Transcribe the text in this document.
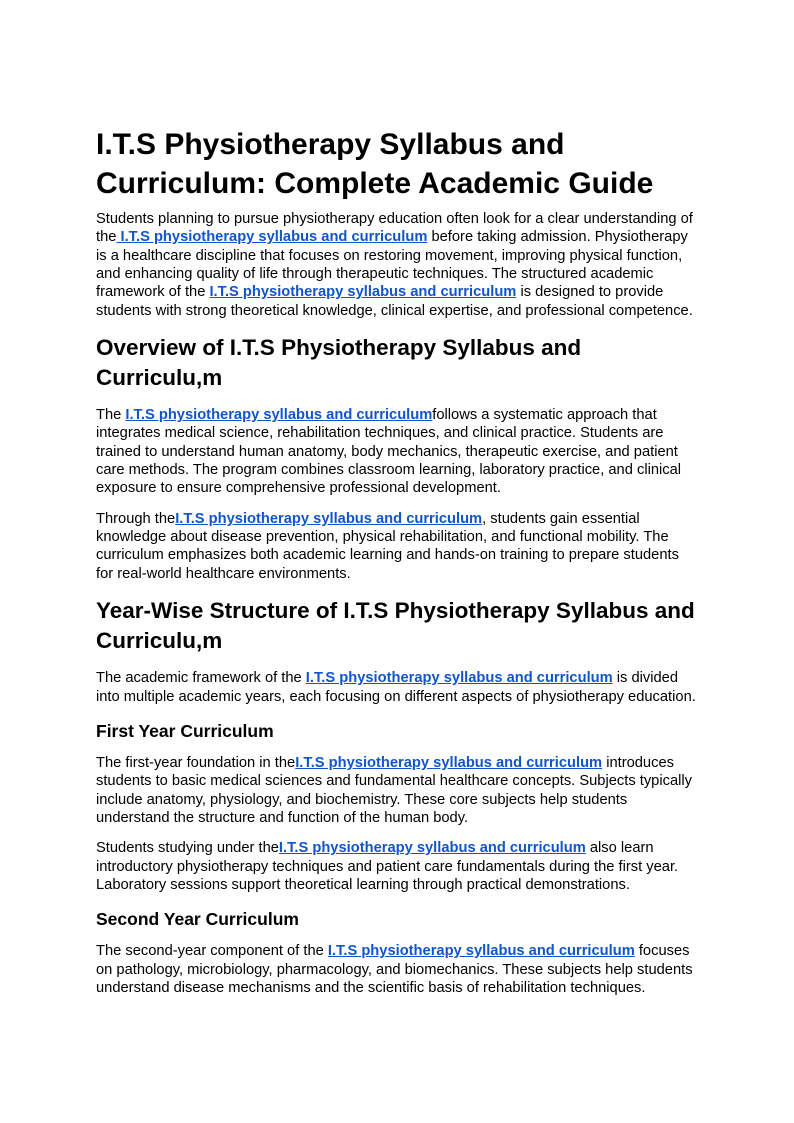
I.T.S Physiotherapy Syllabus and Curriculum: Complete Academic Guide

Students planning to pursue physiotherapy education often look for a clear understanding of the I.T.S physiotherapy syllabus and curriculum before taking admission. Physiotherapy is a healthcare discipline that focuses on restoring movement, improving physical function, and enhancing quality of life through therapeutic techniques. The structured academic framework of the I.T.S physiotherapy syllabus and curriculum is designed to provide students with strong theoretical knowledge, clinical expertise, and professional competence.

Overview of I.T.S Physiotherapy Syllabus and Curriculu,m

The I.T.S physiotherapy syllabus and curriculumfollows a systematic approach that integrates medical science, rehabilitation techniques, and clinical practice. Students are trained to understand human anatomy, body mechanics, therapeutic exercise, and patient care methods. The program combines classroom learning, laboratory practice, and clinical exposure to ensure comprehensive professional development.

Through theI.T.S physiotherapy syllabus and curriculum, students gain essential knowledge about disease prevention, physical rehabilitation, and functional mobility. The curriculum emphasizes both academic learning and hands-on training to prepare students for real-world healthcare environments.

Year-Wise Structure of I.T.S Physiotherapy Syllabus and Curriculu,m

The academic framework of the I.T.S physiotherapy syllabus and curriculum is divided into multiple academic years, each focusing on different aspects of physiotherapy education.

First Year Curriculum

The first-year foundation in theI.T.S physiotherapy syllabus and curriculum introduces students to basic medical sciences and fundamental healthcare concepts. Subjects typically include anatomy, physiology, and biochemistry. These core subjects help students understand the structure and function of the human body.

Students studying under theI.T.S physiotherapy syllabus and curriculum also learn introductory physiotherapy techniques and patient care fundamentals during the first year. Laboratory sessions support theoretical learning through practical demonstrations.

Second Year Curriculum

The second-year component of the I.T.S physiotherapy syllabus and curriculum focuses on pathology, microbiology, pharmacology, and biomechanics. These subjects help students understand disease mechanisms and the scientific basis of rehabilitation techniques.
